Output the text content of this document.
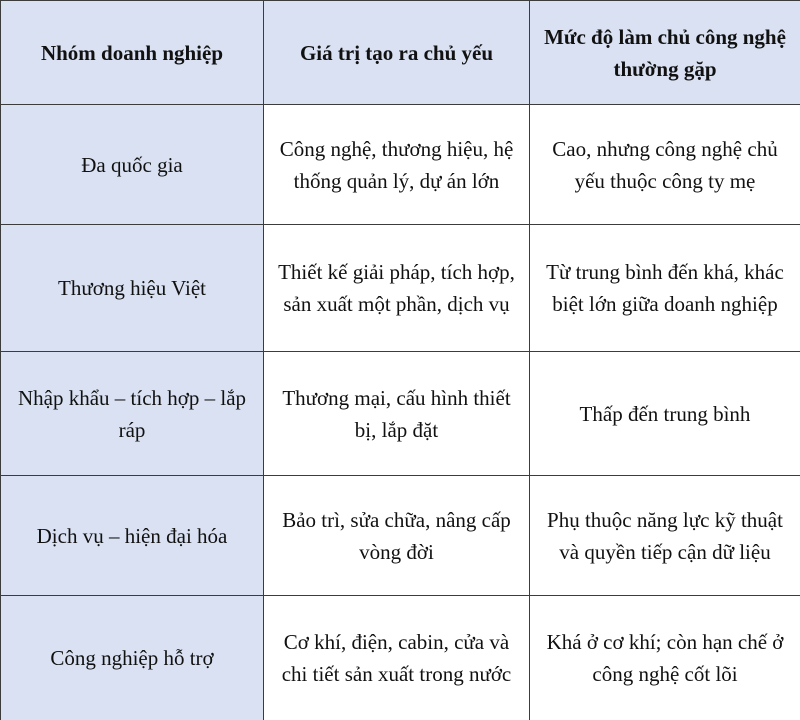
Nhóm doanh nghiệp	Giá trị tạo ra chủ yếu	Mức độ làm chủ công nghệ thường gặp
Đa quốc gia	Công nghệ, thương hiệu, hệ thống quản lý, dự án lớn	Cao, nhưng công nghệ chủ yếu thuộc công ty mẹ
Thương hiệu Việt	Thiết kế giải pháp, tích hợp, sản xuất một phần, dịch vụ	Từ trung bình đến khá, khác biệt lớn giữa doanh nghiệp
Nhập khẩu – tích hợp – lắp ráp	Thương mại, cấu hình thiết bị, lắp đặt	Thấp đến trung bình
Dịch vụ – hiện đại hóa	Bảo trì, sửa chữa, nâng cấp vòng đời	Phụ thuộc năng lực kỹ thuật và quyền tiếp cận dữ liệu
Công nghiệp hỗ trợ	Cơ khí, điện, cabin, cửa và chi tiết sản xuất trong nước	Khá ở cơ khí; còn hạn chế ở công nghệ cốt lõi
